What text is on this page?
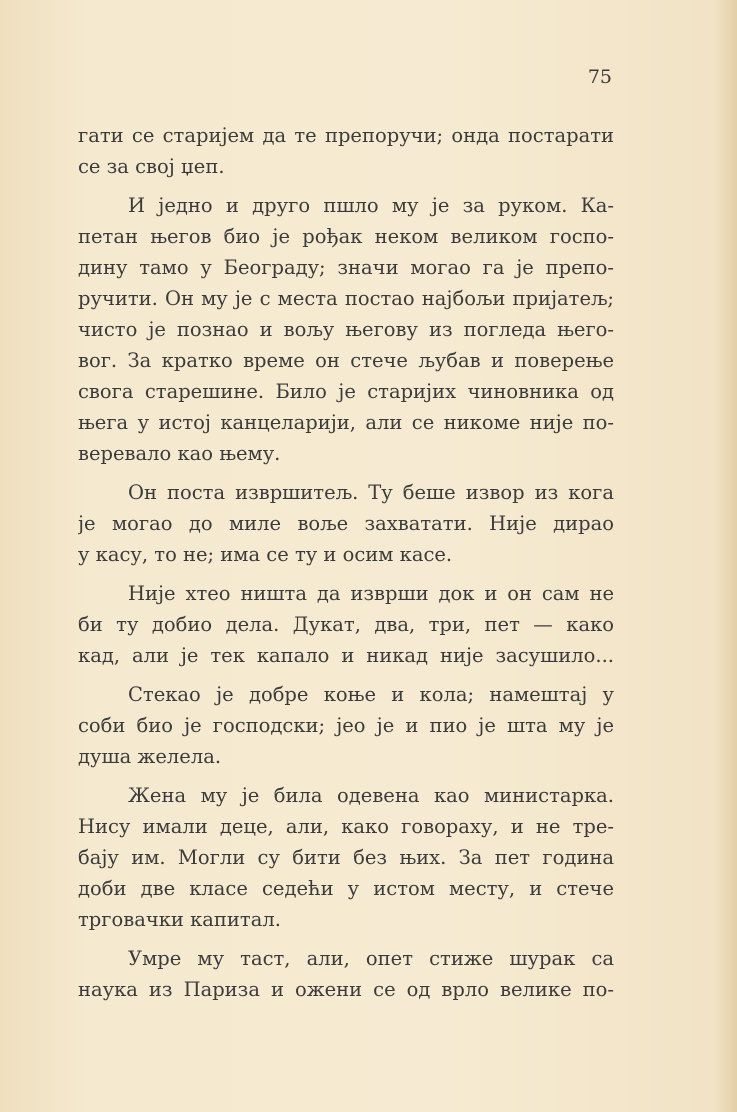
75
гати се старијем да те препоручи; онда постарати
се за свој џеп.
И једно и друго пшло му је за руком. Ка-
петан његов био је рођак неком великом госпо-
дину тамо у Београду; значи могао га је препо-
ручити. Он му је с места постао најбољи пријатељ;
чисто је познао и вољу његову из погледа његo-
вог. За кратко време он стече љубав и поверење
свога старешине. Било је старијих чиновника од
њега у истој канцеларији, али се никоме није по-
веревало као њему.
Он поста извршитељ. Ту беше извор из кога
је могао до миле воље захватати. Није дирао
у касу, то не; има се ту и осим касе.
Није хтео ништа да изврши док и он сам не
би ту добио дела. Дукат, два, три, пет — како
кад, али је тек капало и никад није засушило...
Стекао је добре коње и кола; намештај у
соби био је господски; јео је и пио је шта му је
душа желела.
Жена му је била одевена као министарка.
Нису имали деце, али, како говораху, и не тре-
бају им. Могли су бити без њих. За пет година
доби две класе седећи у истом месту, и стече
трговачки капитал.
Умре му таст, али, опет стиже шурак са
наука из Париза и ожени се од врло велике по-
